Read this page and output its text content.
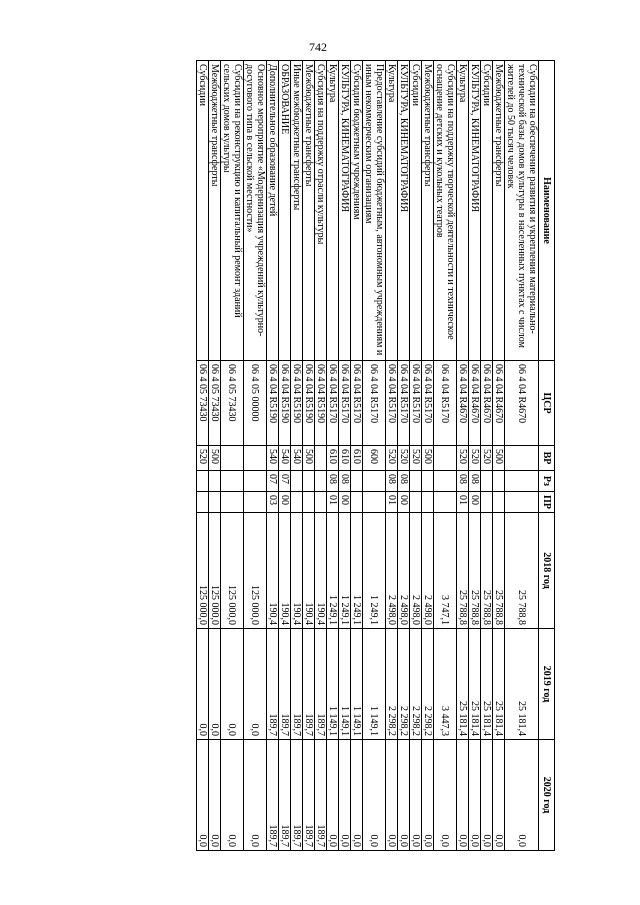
742
Наименование	ЦСР	ВР	Рз	ПР	2018 год	2019 год	2020 год
Субсидии на обеспечение развития и укрепления материально-технической базы домов культуры в населенных пунктах с числом жителей до 50 тысяч человек	06 4 04 R4670				25 788,8	25 181,4	0,0
Межбюджетные трансферты	06 4 04 R4670	500			25 788,8	25 181,4	0,0
Субсидии	06 4 04 R4670	520			25 788,8	25 181,4	0,0
КУЛЬТУРА, КИНЕМАТОГРАФИЯ	06 4 04 R4670	520	08	00	25 788,8	25 181,4	0,0
Культура	06 4 04 R4670	520	08	01	25 788,8	25 181,4	0,0
Субсидии на поддержку творческой деятельности и техническое оснащение детских и кукольных театров	06 4 04 R5170				3 747,1	3 447,3	0,0
Межбюджетные трансферты	06 4 04 R5170	500			2 498,0	2 298,2	0,0
Субсидии	06 4 04 R5170	520			2 498,0	2 298,2	0,0
КУЛЬТУРА, КИНЕМАТОГРАФИЯ	06 4 04 R5170	520	08	00	2 498,0	2 298,2	0,0
Культура	06 4 04 R5170	520	08	01	2 498,0	2 298,2	0,0
Предоставление субсидий бюджетным, автономным учреждениям и иным некоммерческим организациям	06 4 04 R5170	600			1 249,1	1 149,1	0,0
Субсидии бюджетным учреждениям	06 4 04 R5170	610			1 249,1	1 149,1	0,0
КУЛЬТУРА, КИНЕМАТОГРАФИЯ	06 4 04 R5170	610	08	00	1 249,1	1 149,1	0,0
Культура	06 4 04 R5170	610	08	01	1 249,1	1 149,1	0,0
Субсидия на поддержку отрасли культуры	06 4 04 R5190				190,4	189,7	189,7
Межбюджетные трансферты	06 4 04 R5190	500			190,4	189,7	189,7
Иные межбюджетные трансферты	06 4 04 R5190	540			190,4	189,7	189,7
ОБРАЗОВАНИЕ	06 4 04 R5190	540	07	00	190,4	189,7	189,7
Дополнительное образование детей	06 4 04 R5190	540	07	03	190,4	189,7	189,7
Основное мероприятие «Модернизация учреждений культурно-досугового типа в сельской местности»	06 4 05 00000				125 000,0	0,0	0,0
Субсидии на реконструкцию и капитальный ремонт зданий сельских домов культуры	06 4 05 73430				125 000,0	0,0	0,0
Межбюджетные трансферты	06 4 05 73430	500			125 000,0	0,0	0,0
Субсидии	06 4 05 73430	520			125 000,0	0,0	0,0
